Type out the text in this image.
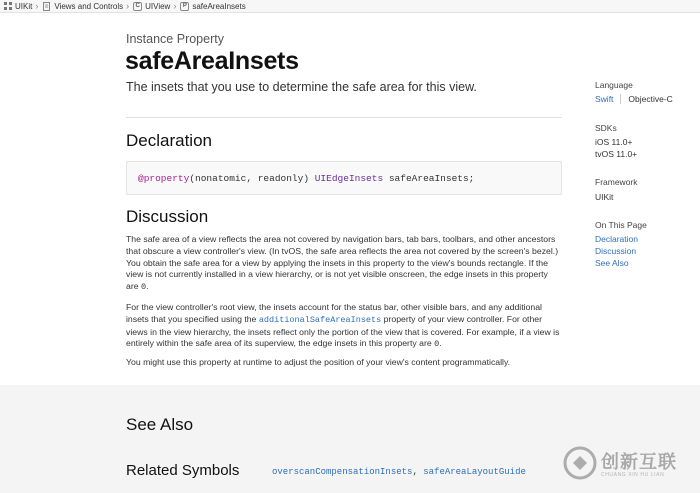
UIKit › Views and Controls ›	C UIView ›	P safeAreaInsets
Instance Property
safeAreaInsets
The insets that you use to determine the safe area for this view.
Declaration
@property(nonatomic, readonly) UIEdgeInsets safeAreaInsets;
Discussion
The safe area of a view reflects the area not covered by navigation bars, tab bars, toolbars, and other ancestors that obscure a view controller's view. (In tvOS, the safe area reflects the area not covered by the screen's bezel.) You obtain the safe area for a view by applying the insets in this property to the view's bounds rectangle. If the view is not currently installed in a view hierarchy, or is not yet visible onscreen, the edge insets in this property are 0.
For the view controller's root view, the insets account for the status bar, other visible bars, and any additional insets that you specified using the additionalSafeAreaInsets property of your view controller. For other views in the view hierarchy, the insets reflect only the portion of the view that is covered. For example, if a view is entirely within the safe area of its superview, the edge insets in this property are 0.
You might use this property at runtime to adjust the position of your view's content programmatically.
Language
Swift Objective-C
SDKs
iOS 11.0+
tvOS 11.0+
Framework
UIKit
On This Page
Declaration
Discussion
See Also
See Also
Related Symbols	overscanCompensationInsets, safeAreaLayoutGuide	创新互联
CHUANG XIN HU LIAN
